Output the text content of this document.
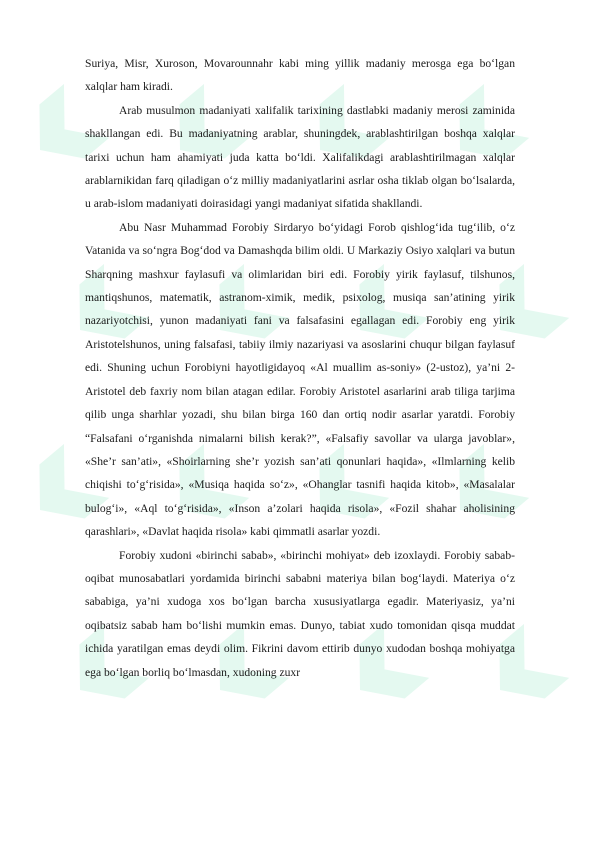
Suriya, Misr, Xuroson, Movarounnahr kabi ming yillik madaniy merosga ega bo‘lgan xalqlar ham kiradi.

Arab musulmon madaniyati xalifalik tarixining dastlabki madaniy merosi zaminida shakllangan edi. Bu madaniyatning arablar, shuningdek, arablashtirilgan boshqa xalqlar tarixi uchun ham ahamiyati juda katta bo‘ldi. Xalifalikdagi arablashtirilmagan xalqlar arablarnikidan farq qiladigan o‘z milliy madaniyatlarini asrlar osha tiklab olgan bo‘lsalarda, u arab-islom madaniyati doirasidagi yangi madaniyat sifatida shakllandi.

Abu Nasr Muhammad Forobiy Sirdaryo bo‘yidagi Forob qishlog‘ida tug‘ilib, o‘z Vatanida va so‘ngra Bog‘dod va Damashqda bilim oldi. U Markaziy Osiyo xalqlari va butun Sharqning mashxur faylasufi va olimlaridan biri edi. Forobiy yirik faylasuf, tilshunos, mantiqshunos, matematik, astranom-ximik, medik, psixolog, musiqa san’atining yirik nazariyotchisi, yunon madaniyati fani va falsafasini egallagan edi. Forobiy eng yirik Aristotelshunos, uning falsafasi, tabiiy ilmiy nazariyasi va asoslarini chuqur bilgan faylasuf edi. Shuning uchun Forobiyni hayotligidayoq «Al muallim as-soniy» (2-ustoz), ya’ni 2-Aristotel deb faxriy nom bilan atagan edilar. Forobiy Aristotel asarlarini arab tiliga tarjima qilib unga sharhlar yozadi, shu bilan birga 160 dan ortiq nodir asarlar yaratdi. Forobiy “Falsafani o‘rganishda nimalarni bilish kerak?”, «Falsafiy savollar va ularga javoblar», «She’r san’ati», «Shoirlarning she’r yozish san’ati qonunlari haqida», «Ilmlarning kelib chiqishi to‘g‘risida», «Musiqa haqida so‘z», «Ohanglar tasnifi haqida kitob», «Masalalar bulog‘i», «Aql to‘g‘risida», «Inson a’zolari haqida risola», «Fozil shahar aholisining qarashlari», «Davlat haqida risola» kabi qimmatli asarlar yozdi.

Forobiy xudoni «birinchi sabab», «birinchi mohiyat» deb izoxlaydi. Forobiy sabab-oqibat munosabatlari yordamida birinchi sababni materiya bilan bog‘laydi. Materiya o‘z sababiga, ya’ni xudoga xos bo‘lgan barcha xususiyatlarga egadir. Materiyasiz, ya’ni oqibatsiz sabab ham bo‘lishi mumkin emas. Dunyo, tabiat xudo tomonidan qisqa muddat ichida yaratilgan emas deydi olim. Fikrini davom ettirib dunyo xudodan boshqa mohiyatga ega bo‘lgan borliq bo‘lmasdan, xudoning zuxr
